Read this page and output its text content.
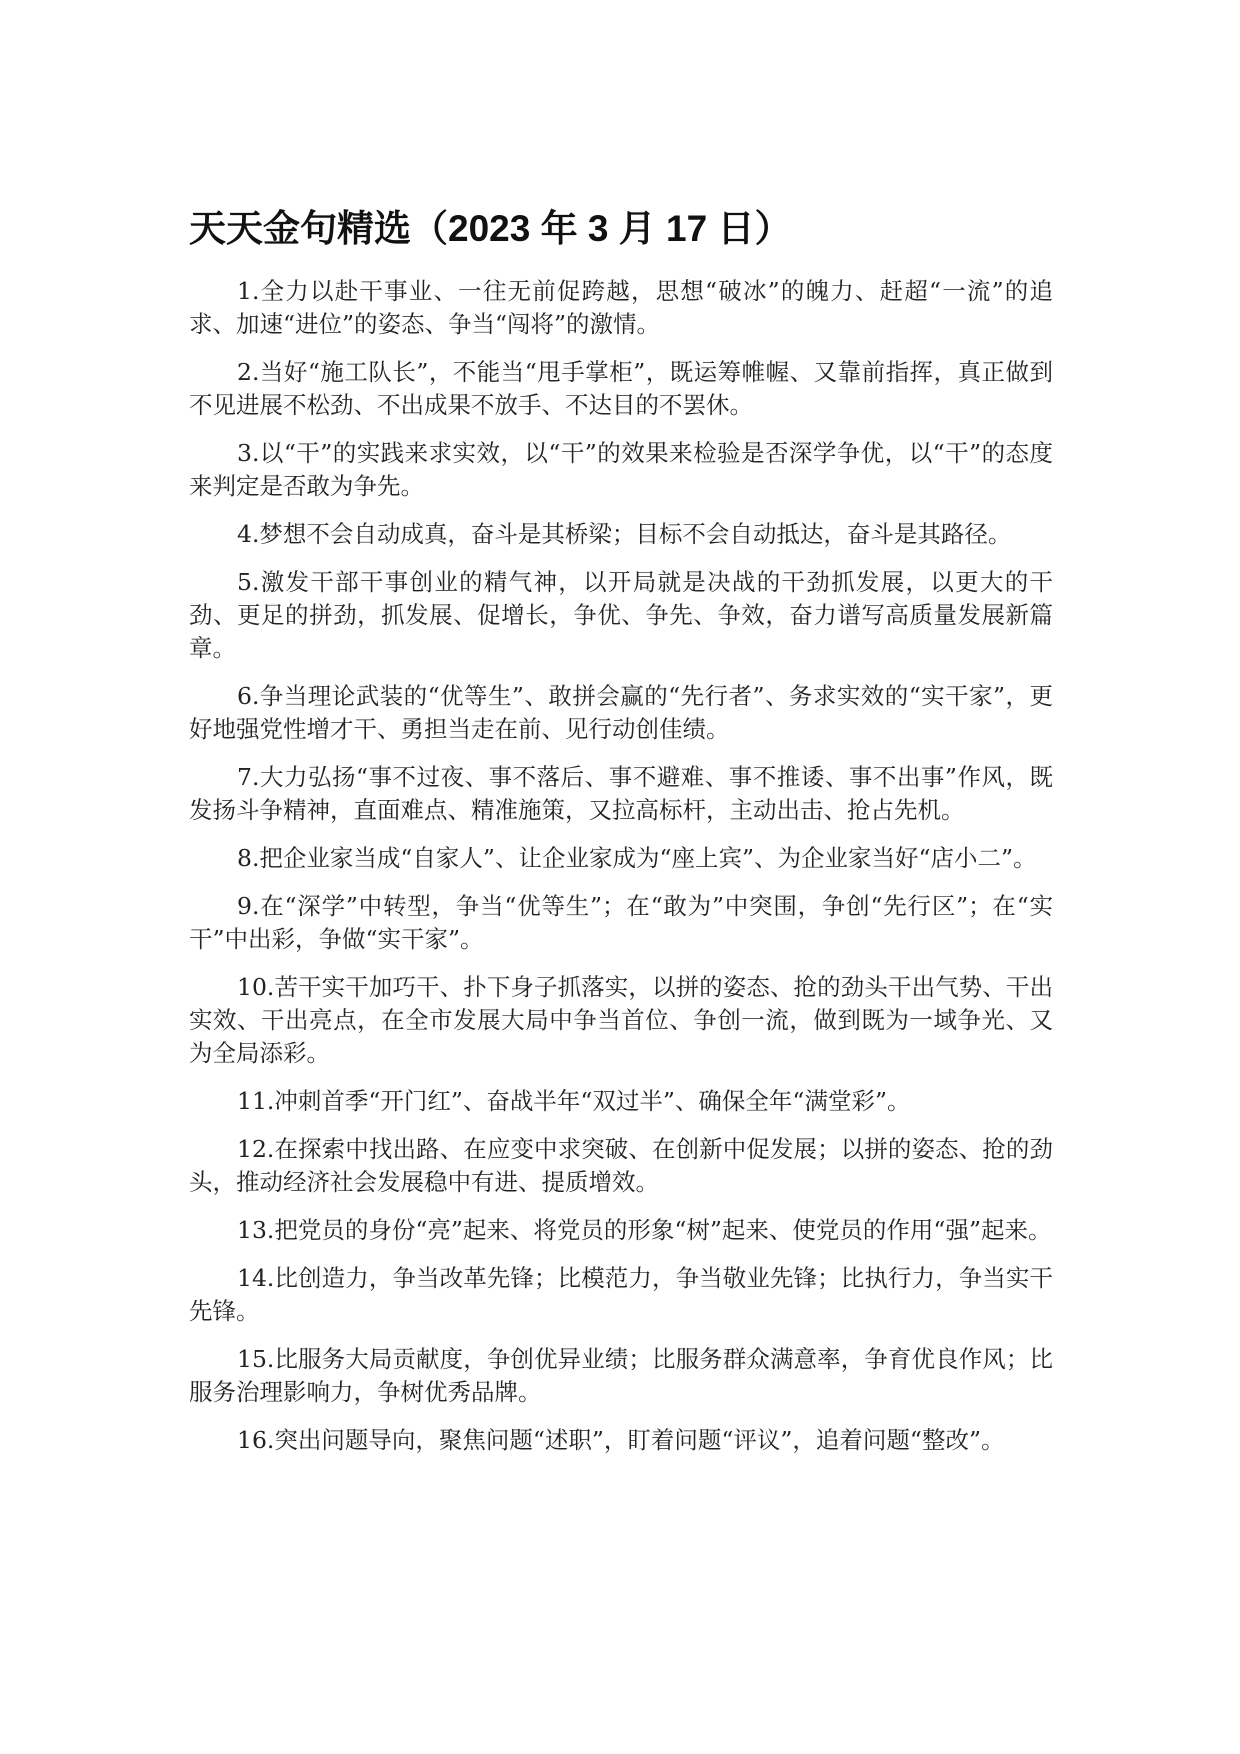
天天金句精选（2023 年 3 月 17 日）

1.全力以赴干事业、一往无前促跨越，思想“破冰”的魄力、赶超“一流”的追求、加速“进位”的姿态、争当“闯将”的激情。

2.当好“施工队长”，不能当“甩手掌柜”，既运筹帷幄、又靠前指挥，真正做到不见进展不松劲、不出成果不放手、不达目的不罢休。

3.以“干”的实践来求实效，以“干”的效果来检验是否深学争优，以“干”的态度来判定是否敢为争先。

4.梦想不会自动成真，奋斗是其桥梁；目标不会自动抵达，奋斗是其路径。

5.激发干部干事创业的精气神，以开局就是决战的干劲抓发展，以更大的干劲、更足的拼劲，抓发展、促增长，争优、争先、争效，奋力谱写高质量发展新篇章。

6.争当理论武装的“优等生”、敢拼会赢的“先行者”、务求实效的“实干家”，更好地强党性增才干、勇担当走在前、见行动创佳绩。

7.大力弘扬“事不过夜、事不落后、事不避难、事不推诿、事不出事”作风，既发扬斗争精神，直面难点、精准施策，又拉高标杆，主动出击、抢占先机。

8.把企业家当成“自家人”、让企业家成为“座上宾”、为企业家当好“店小二”。

9.在“深学”中转型，争当“优等生”；在“敢为”中突围，争创“先行区”；在“实干”中出彩，争做“实干家”。

10.苦干实干加巧干、扑下身子抓落实，以拼的姿态、抢的劲头干出气势、干出实效、干出亮点，在全市发展大局中争当首位、争创一流，做到既为一域争光、又为全局添彩。

11.冲刺首季“开门红”、奋战半年“双过半”、确保全年“满堂彩”。

12.在探索中找出路、在应变中求突破、在创新中促发展；以拼的姿态、抢的劲头，推动经济社会发展稳中有进、提质增效。

13.把党员的身份“亮”起来、将党员的形象“树”起来、使党员的作用“强”起来。

14.比创造力，争当改革先锋；比模范力，争当敬业先锋；比执行力，争当实干先锋。

15.比服务大局贡献度，争创优异业绩；比服务群众满意率，争育优良作风；比服务治理影响力，争树优秀品牌。

16.突出问题导向，聚焦问题“述职”，盯着问题“评议”，追着问题“整改”。
